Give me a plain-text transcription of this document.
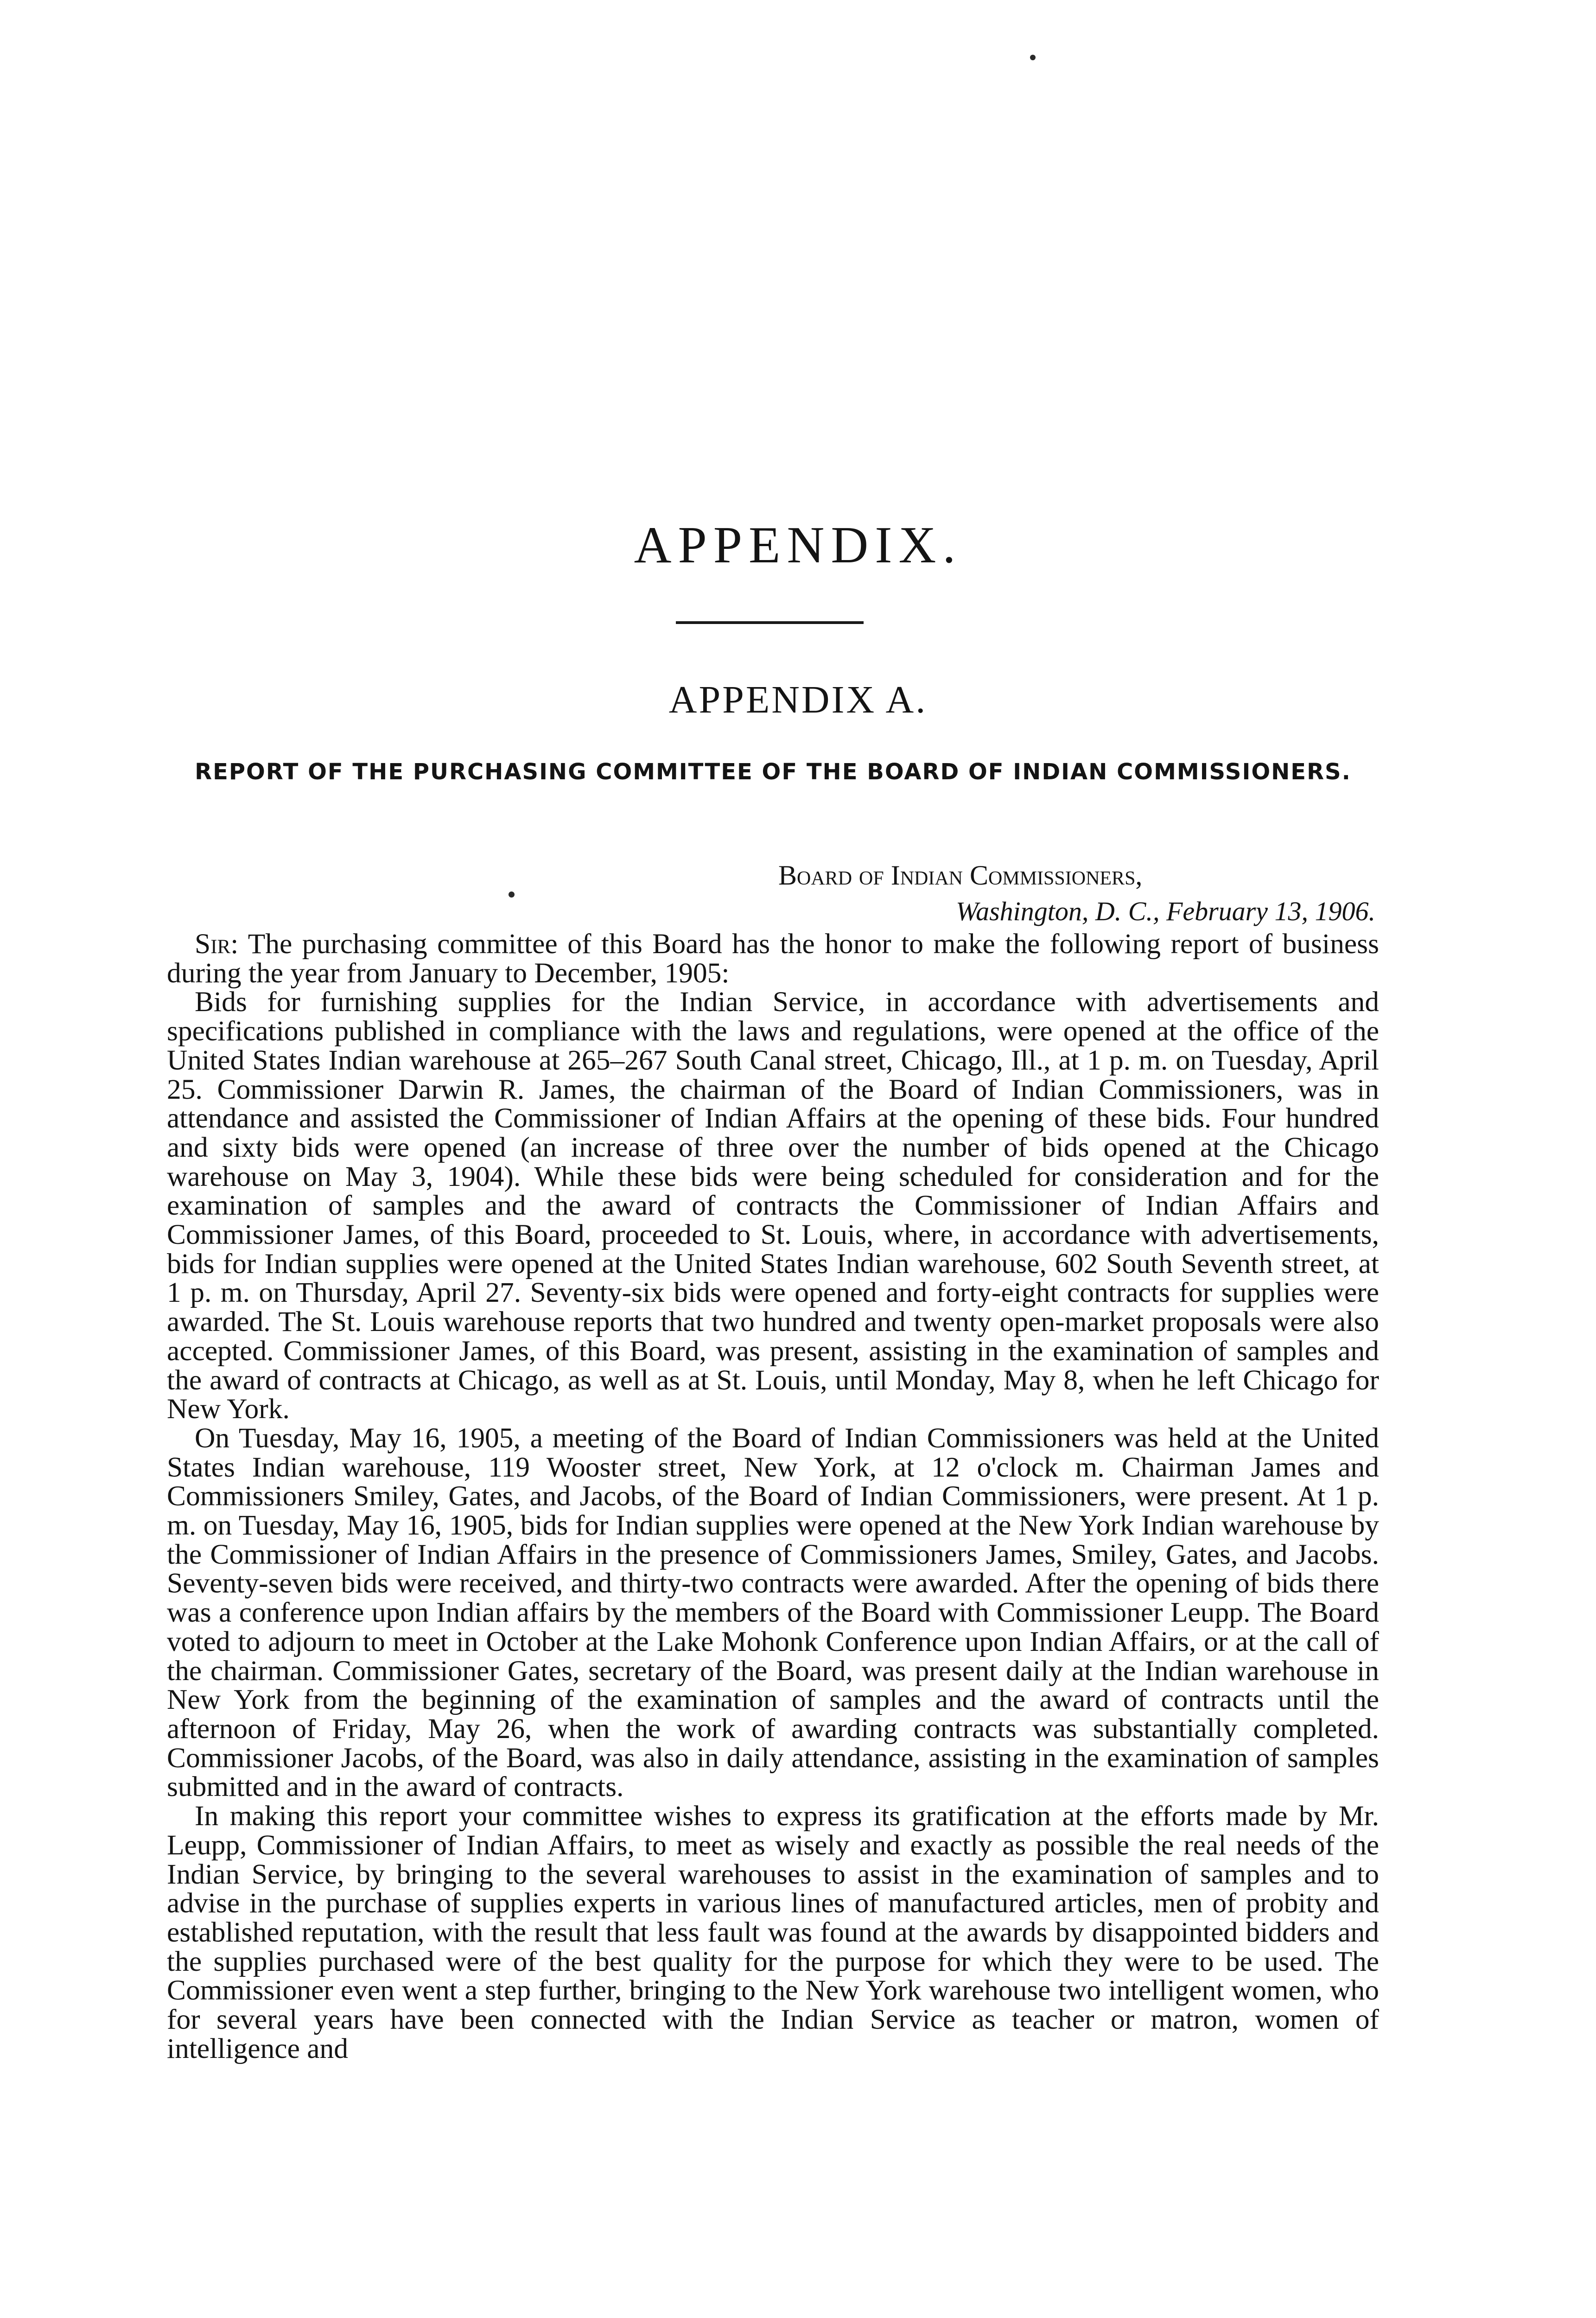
APPENDIX.
APPENDIX A.
REPORT OF THE PURCHASING COMMITTEE OF THE BOARD OF INDIAN COMMISSIONERS.
Board of Indian Commissioners,
Washington, D. C., February 13, 1906.

Sir: The purchasing committee of this Board has the honor to make the following report of business during the year from January to December, 1905:

Bids for furnishing supplies for the Indian Service, in accordance with advertisements and specifications published in compliance with the laws and regulations, were opened at the office of the United States Indian warehouse at 265–267 South Canal street, Chicago, Ill., at 1 p. m. on Tuesday, April 25. Commissioner Darwin R. James, the chairman of the Board of Indian Commissioners, was in attendance and assisted the Commissioner of Indian Affairs at the opening of these bids. Four hundred and sixty bids were opened (an increase of three over the number of bids opened at the Chicago warehouse on May 3, 1904). While these bids were being scheduled for consideration and for the examination of samples and the award of contracts the Commissioner of Indian Affairs and Commissioner James, of this Board, proceeded to St. Louis, where, in accordance with advertisements, bids for Indian supplies were opened at the United States Indian warehouse, 602 South Seventh street, at 1 p. m. on Thursday, April 27. Seventy-six bids were opened and forty-eight contracts for supplies were awarded. The St. Louis warehouse reports that two hundred and twenty open-market proposals were also accepted. Commissioner James, of this Board, was present, assisting in the examination of samples and the award of contracts at Chicago, as well as at St. Louis, until Monday, May 8, when he left Chicago for New York.

On Tuesday, May 16, 1905, a meeting of the Board of Indian Commissioners was held at the United States Indian warehouse, 119 Wooster street, New York, at 12 o'clock m. Chairman James and Commissioners Smiley, Gates, and Jacobs, of the Board of Indian Commissioners, were present. At 1 p. m. on Tuesday, May 16, 1905, bids for Indian supplies were opened at the New York Indian warehouse by the Commissioner of Indian Affairs in the presence of Commissioners James, Smiley, Gates, and Jacobs. Seventy-seven bids were received, and thirty-two contracts were awarded. After the opening of bids there was a conference upon Indian affairs by the members of the Board with Commissioner Leupp. The Board voted to adjourn to meet in October at the Lake Mohonk Conference upon Indian Affairs, or at the call of the chairman. Commissioner Gates, secretary of the Board, was present daily at the Indian warehouse in New York from the beginning of the examination of samples and the award of contracts until the afternoon of Friday, May 26, when the work of awarding contracts was substantially completed. Commissioner Jacobs, of the Board, was also in daily attendance, assisting in the examination of samples submitted and in the award of contracts.

In making this report your committee wishes to express its gratification at the efforts made by Mr. Leupp, Commissioner of Indian Affairs, to meet as wisely and exactly as possible the real needs of the Indian Service, by bringing to the several warehouses to assist in the examination of samples and to advise in the purchase of supplies experts in various lines of manufactured articles, men of probity and established reputation, with the result that less fault was found at the awards by disappointed bidders and the supplies purchased were of the best quality for the purpose for which they were to be used. The Commissioner even went a step further, bringing to the New York warehouse two intelligent women, who for several years have been connected with the Indian Service as teacher or matron, women of intelligence and
